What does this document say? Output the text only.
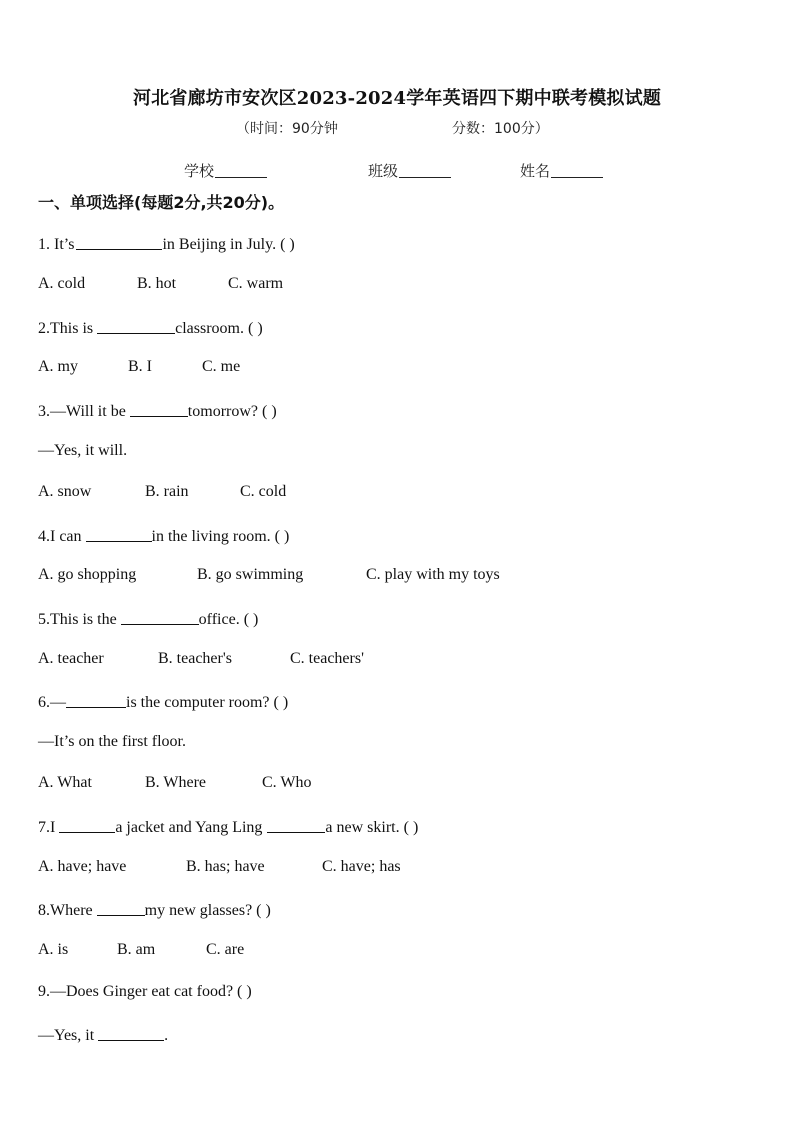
河北省廊坊市安次区2023-2024学年英语四下期中联考模拟试题
（时间：90分钟	分数：100分）
学校	班级	姓名
一、单项选择(每题2分,共20分)。
1. It’s	in Beijing in July. ( )
A. cold	B. hot	C. warm
2.This is	classroom. ( )
A. my	B. I	C. me
3.—Will it be	tomorrow? ( )
—Yes, it will.
A. snow	B. rain	C. cold
4.I can	in the living room. ( )
A. go shopping	B. go swimming	C. play with my toys
5.This is the	office. ( )
A. teacher	B. teacher's	C. teachers'
6.—	is the computer room? ( )
—It’s on the first floor.
A. What	B. Where	C. Who
7.I	a jacket and Yang Ling	a new skirt. ( )
A. have; have	B. has; have	C. have; has
8.Where	my new glasses? ( )
A. is	B. am	C. are
9.—Does Ginger eat cat food? ( )
—Yes, it	.
